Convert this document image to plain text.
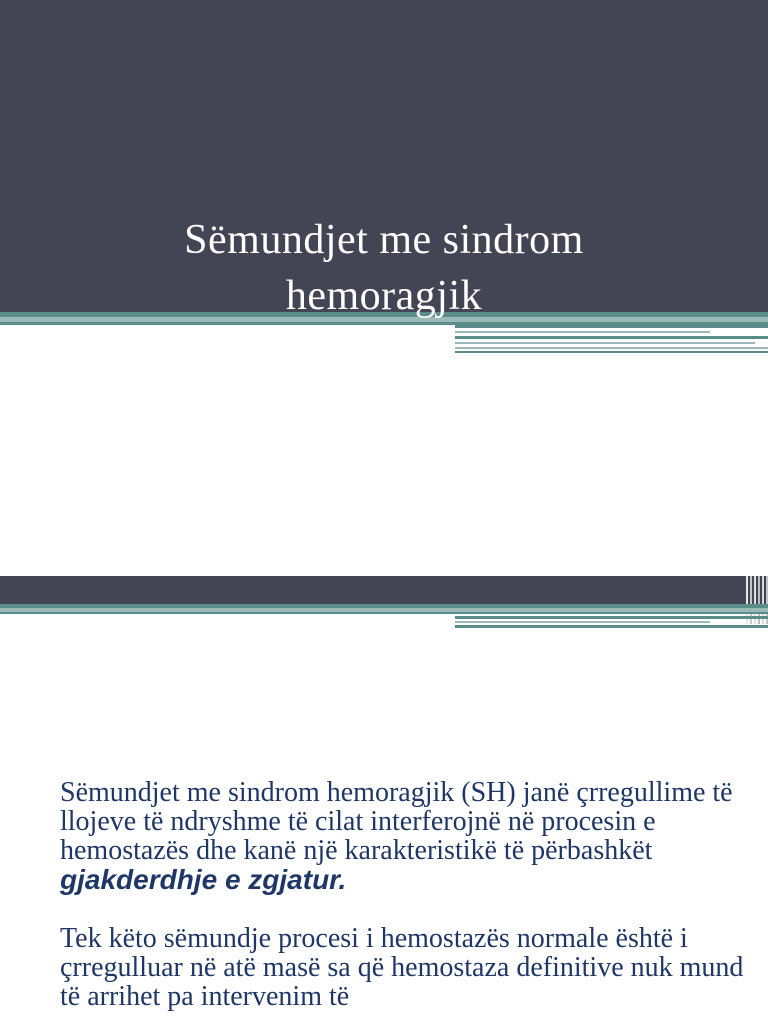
Sëmundjet me sindrom
hemoragjik

Sëmundjet me sindrom hemoragjik (SH) janë çrregullime të llojeve të ndryshme të cilat interferojnë në procesin e hemostazës dhe kanë një karakteristikë të përbashkët gjakderdhje e zgjatur.

Tek këto sëmundje procesi i hemostazës normale është i çrregulluar në atë masë sa që hemostaza definitive nuk mund të arrihet pa intervenim të
